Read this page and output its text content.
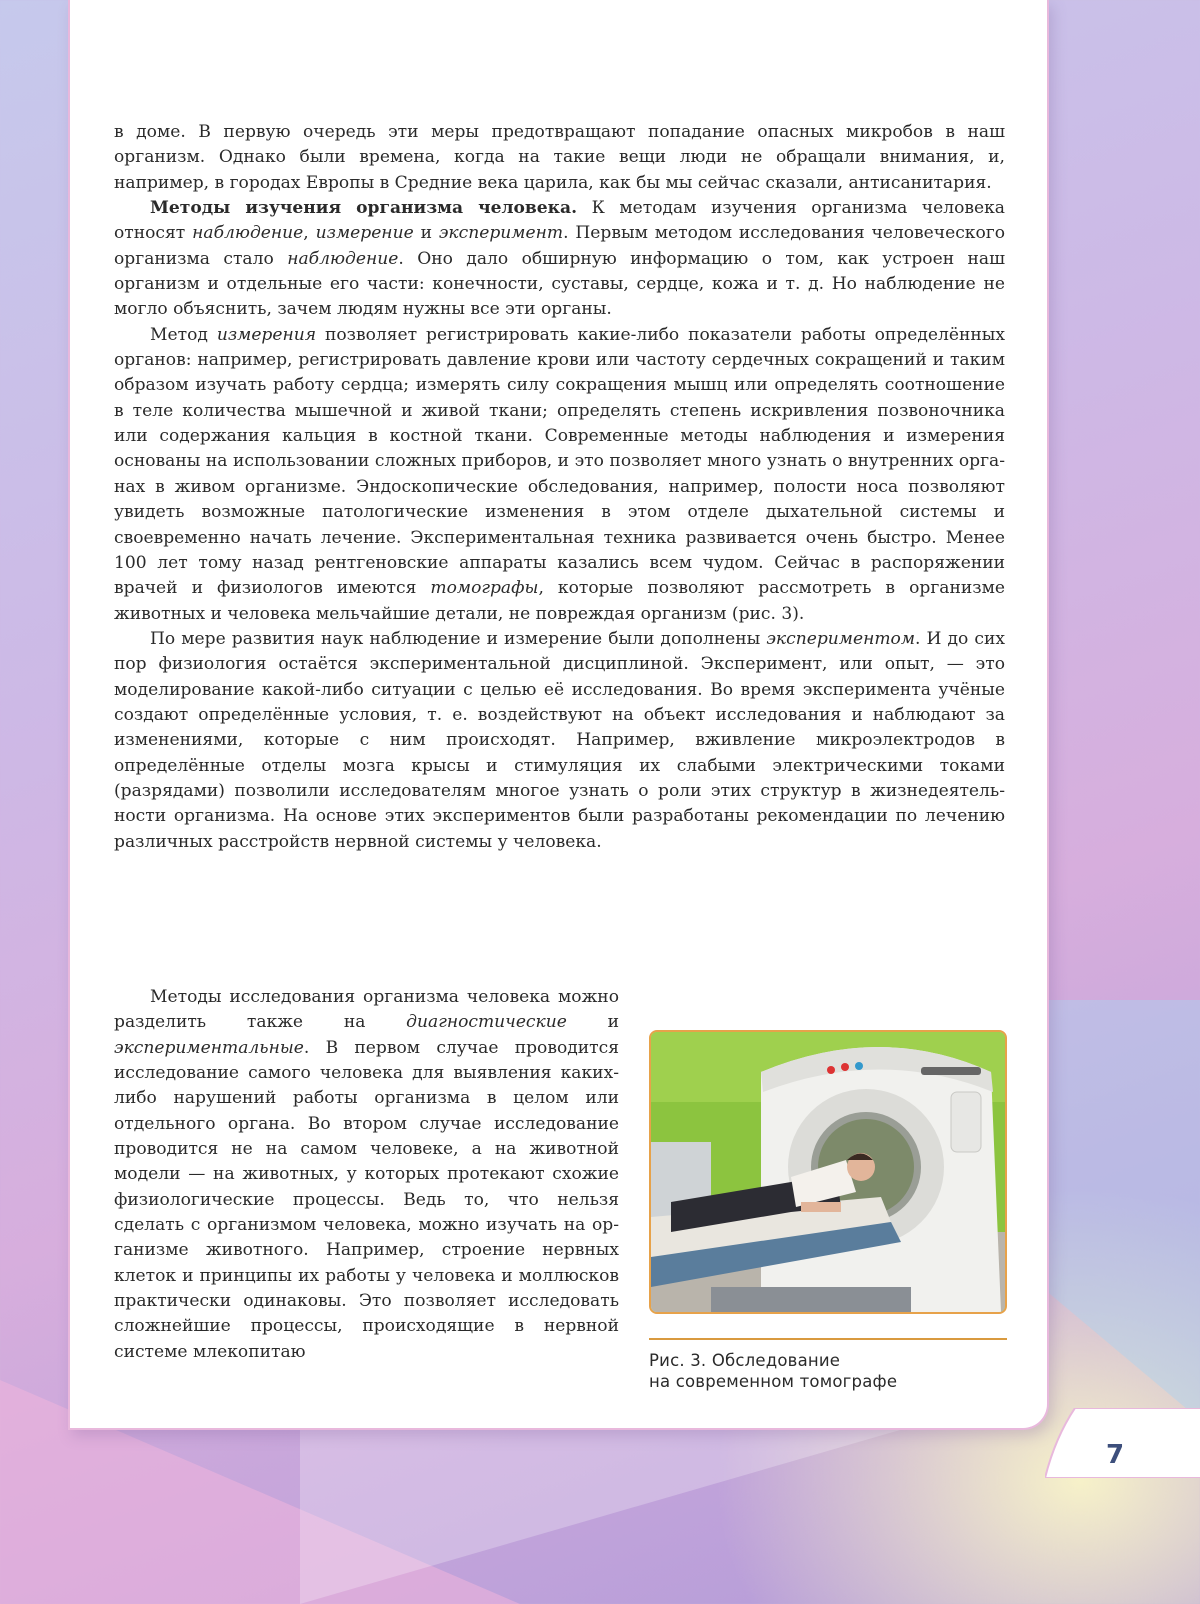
в доме. В первую очередь эти меры предотвращают попадание опасных микробов в наш организм. Однако были времена, когда на такие вещи люди не обращали внимания, и, например, в городах Европы в Средние века царила, как бы мы сейчас сказали, антисанитария.

Методы изучения организма человека. К методам изучения организма человека относят наблюдение, измерение и эксперимент. Первым методом исследования человеческого организма стало наблюдение. Оно дало обширную информацию о том, как устроен наш организм и отдельные его части: конечности, суставы, сердце, кожа и т. д. Но наблюдение не могло объяснить, зачем людям нужны все эти органы.

Метод измерения позволяет регистрировать какие-либо показатели работы определённых органов: например, регистрировать давление крови или частоту сердечных сокращений и таким образом изучать работу сердца; измерять силу сокращения мышц или определять соотношение в теле количества мышечной и живой ткани; определять степень искривления позвоночника или содержания кальция в костной ткани. Современные методы наблюдения и измерения основаны на использовании сложных приборов, и это позволяет много узнать о внутренних органах в живом организме. Эндоскопические обследования, например, полости носа позволяют увидеть возможные патологические изменения в этом отделе дыхательной системы и своевременно начать лечение. Экспериментальная техника развивается очень быстро. Менее 100 лет тому назад рентгеновские аппараты казались всем чудом. Сейчас в распоряжении врачей и физиологов имеются томографы, которые позволяют рассмотреть в организме животных и человека мельчайшие детали, не повреждая организм (рис. 3).

По мере развития наук наблюдение и измерение были дополнены экспериментом. И до сих пор физиология остаётся экспериментальной дисциплиной. Эксперимент, или опыт, — это моделирование какой-либо ситуации с целью её исследования. Во время эксперимента учёные создают определённые условия, т. е. воздействуют на объект исследования и наблюдают за изменениями, которые с ним происходят. Например, вживление микроэлектродов в определённые отделы мозга крысы и стимуляция их слабыми электрическими токами (разрядами) позволили исследователям многое узнать о роли этих структур в жизнедеятельности организма. На основе этих экспериментов были разработаны рекомендации по лечению различных расстройств нервной системы у человека.

Методы исследования организма человека можно разделить также на диагностические и экспериментальные. В первом случае проводится исследование самого человека для выявления каких-либо нарушений работы организма в целом или отдельного органа. Во втором случае исследование проводится не на самом человеке, а на животной модели — на животных, у которых протекают схожие физиологические процессы. Ведь то, что нельзя сделать с организмом человека, можно изучать на организме животного. Например, строение нервных клеток и принципы их работы у человека и моллюсков практически одинаковы. Это позволяет исследовать сложнейшие процессы, происходящие в нервной системе млекопитаю	Рис. 3. Обследование
на современном томографе
7
